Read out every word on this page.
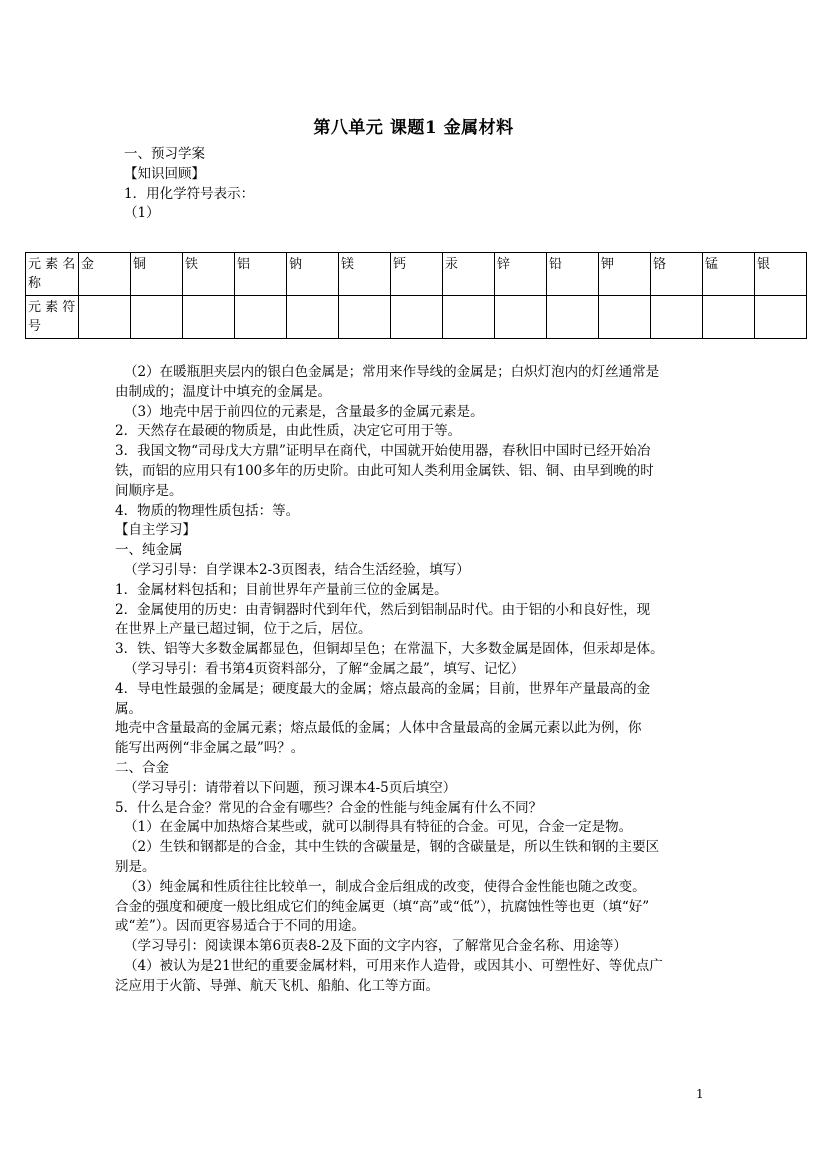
第八单元 课题1 金属材料
一、预习学案
【知识回顾】
1．用化学符号表示：
（1）
元 素 名称	金	铜	铁	铝	钠	镁	钙	汞	锌	铅	钾	铬	锰	银
元 素 符号														
（2）在暖瓶胆夹层内的银白色金属是；常用来作导线的金属是；白炽灯泡内的灯丝通常是
由制成的；温度计中填充的金属是。
（3）地壳中居于前四位的元素是，含量最多的金属元素是。
2．天然存在最硬的物质是，由此性质，决定它可用于等。
3．我国文物“司母戊大方鼎”证明早在商代，中国就开始使用器，春秋旧中国时已经开始冶
铁，而铝的应用只有100多年的历史阶。由此可知人类利用金属铁、铝、铜、由早到晚的时
间顺序是。
4．物质的物理性质包括：等。
【自主学习】
一、纯金属
（学习引导：自学课本2-3页图表，结合生活经验，填写）
1．金属材料包括和；目前世界年产量前三位的金属是。
2．金属使用的历史：由青铜器时代到年代，然后到铝制品时代。由于铝的小和良好性，现
在世界上产量已超过铜，位于之后，居位。
3．铁、铝等大多数金属都显色，但铜却呈色；在常温下，大多数金属是固体，但汞却是体。
（学习导引：看书第4页资料部分，了解“金属之最”，填写、记忆）
4．导电性最强的金属是；硬度最大的金属；熔点最高的金属；目前，世界年产量最高的金
属。
地壳中含量最高的金属元素；熔点最低的金属；人体中含量最高的金属元素以此为例，你
能写出两例“非金属之最”吗？。
二、合金
（学习导引：请带着以下问题，预习课本4-5页后填空）
5．什么是合金？常见的合金有哪些？合金的性能与纯金属有什么不同？
（1）在金属中加热熔合某些或，就可以制得具有特征的合金。可见，合金一定是物。
（2）生铁和钢都是的合金，其中生铁的含碳量是，钢的含碳量是，所以生铁和钢的主要区
别是。
（3）纯金属和性质往往比较单一，制成合金后组成的改变，使得合金性能也随之改变。
合金的强度和硬度一般比组成它们的纯金属更（填“高”或“低”），抗腐蚀性等也更（填“好”
或“差”）。因而更容易适合于不同的用途。
（学习导引：阅读课本第6页表8-2及下面的文字内容，了解常见合金名称、用途等）
（4）被认为是21世纪的重要金属材料，可用来作人造骨，或因其小、可塑性好、等优点广
泛应用于火箭、导弹、航天飞机、船舶、化工等方面。
1
